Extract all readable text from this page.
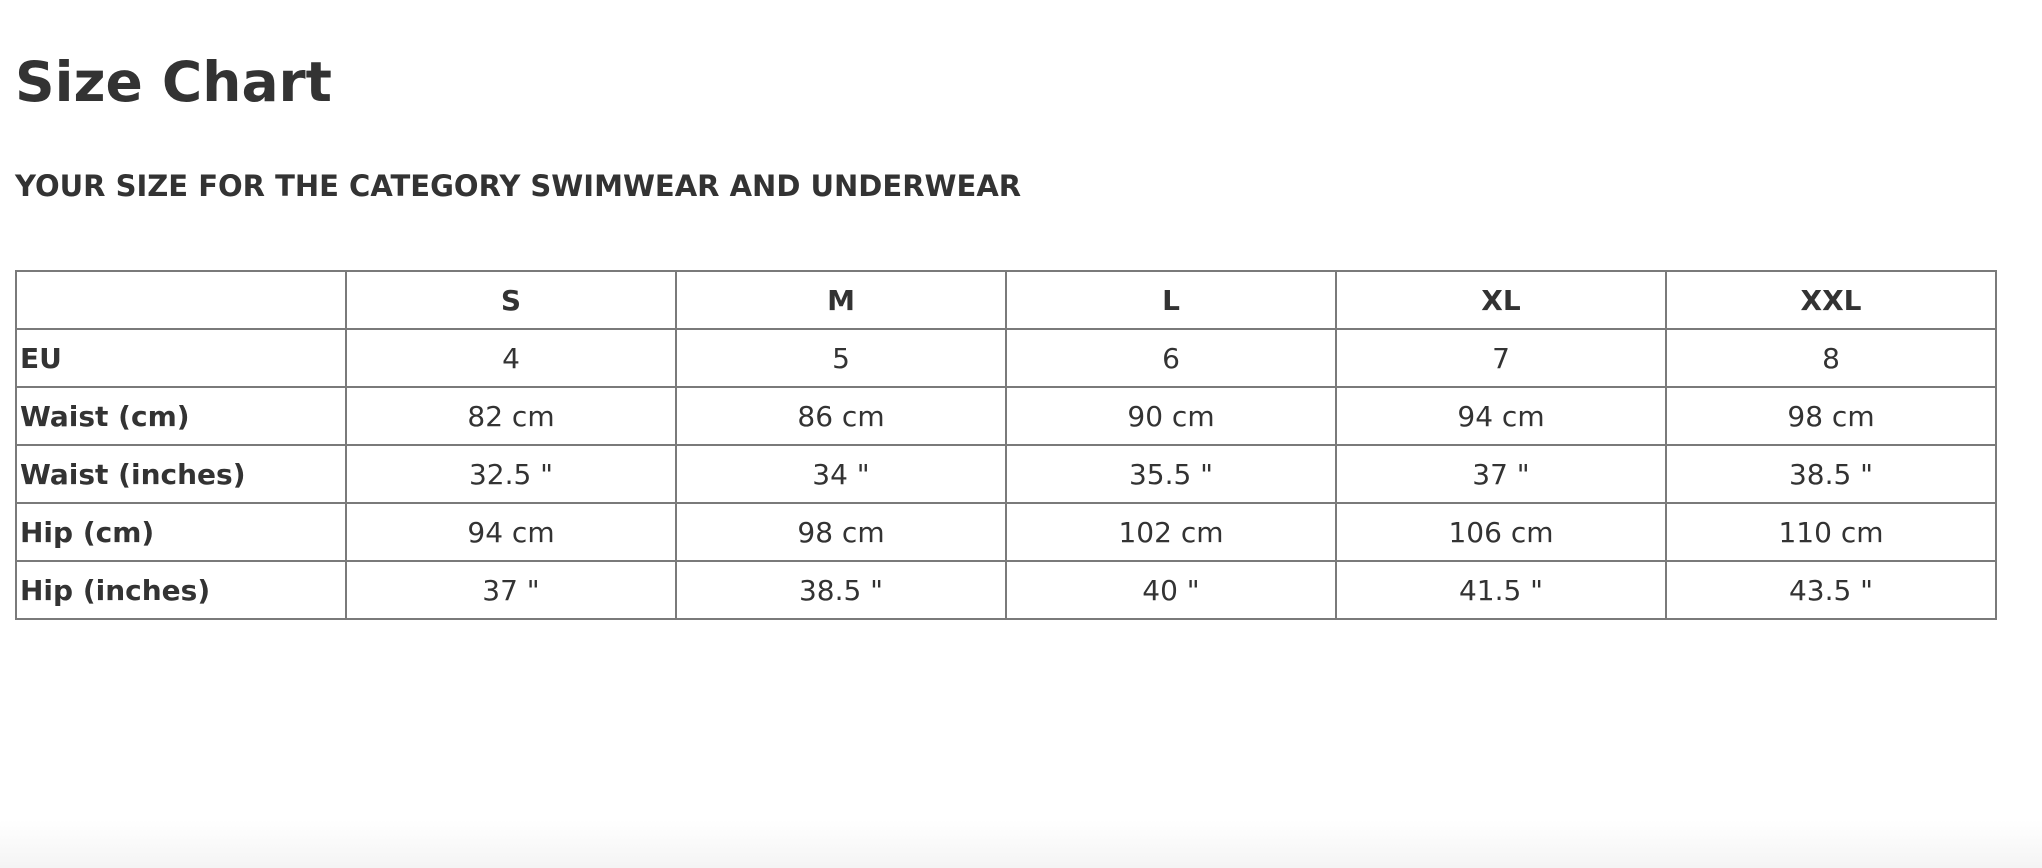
Size Chart
YOUR SIZE FOR THE CATEGORY SWIMWEAR AND UNDERWEAR
	S	M	L	XL	XXL
EU	4	5	6	7	8
Waist (cm)	82 cm	86 cm	90 cm	94 cm	98 cm
Waist (inches)	32.5 "	34 "	35.5 "	37 "	38.5 "
Hip (cm)	94 cm	98 cm	102 cm	106 cm	110 cm
Hip (inches)	37 "	38.5 "	40 "	41.5 "	43.5 "
